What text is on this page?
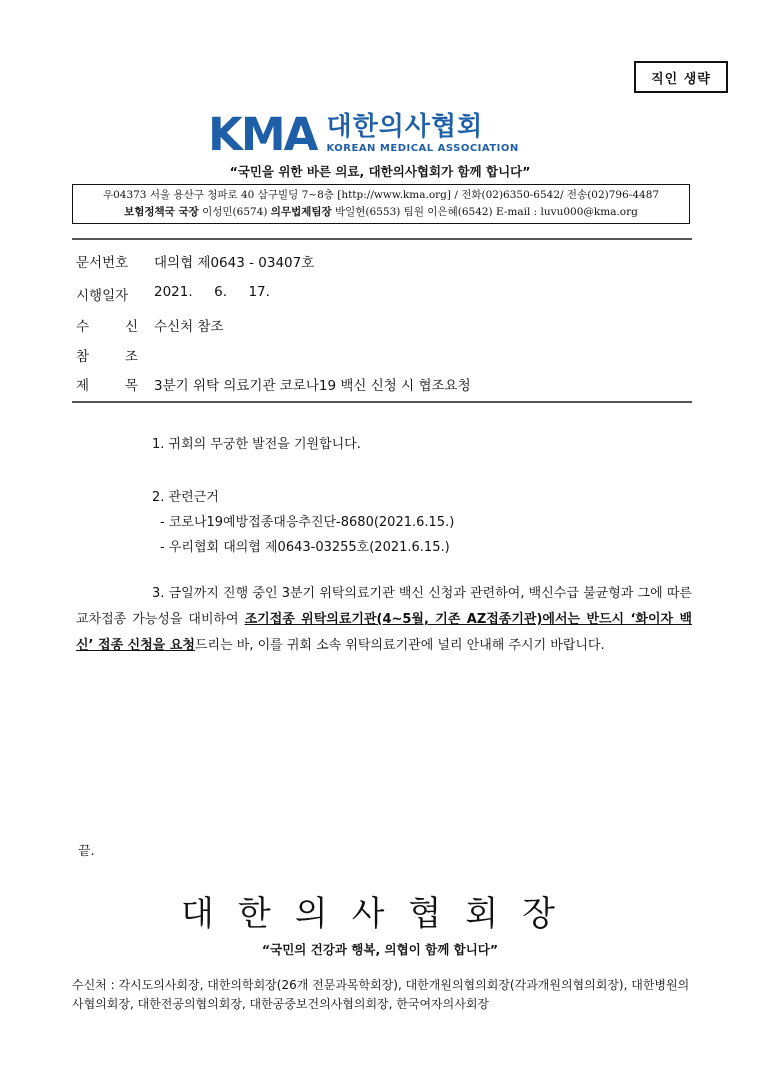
직인 생략
KMA 대한의사협회
KOREAN MEDICAL ASSOCIATION
“국민을 위한 바른 의료, 대한의사협회가 함께 합니다”
우04373 서울 용산구 청파로 40 삼구빌딩 7~8층 [http://www.kma.org] / 전화(02)6350-6542/ 전송(02)796-4487
보험정책국 국장 이성민(6574) 의무법제팀장 박일현(6553) 팀원 이은혜(6542) E-mail : luvu000@kma.org
문서번호	대의협 제0643 - 03407호
시행일자	2021.     6.     17.
수	신 수신처 참조
참	조
제	목 3분기 위탁 의료기관 코로나19 백신 신청 시 협조요청
1. 귀회의 무궁한 발전을 기원합니다.
2. 관련근거
- 코로나19예방접종대응추진단-8680(2021.6.15.)
- 우리협회 대의협 제0643-03255호(2021.6.15.)
3. 금일까지 진행 중인 3분기 위탁의료기관 백신 신청과 관련하여, 백신수급 불균형과 그에 따른 교차접종 가능성을 대비하여 조기접종 위탁의료기관(4~5월, 기존 AZ접종기관)에서는 반드시 ‘화이자 백신’ 접종 신청을 요청드리는 바, 이를 귀회 소속 위탁의료기관에 널리 안내해 주시기 바랍니다.
끝.
대한의사협회장
“국민의 건강과 행복, 의협이 함께 합니다”
수신처 : 각시도의사회장, 대한의학회장(26개 전문과목학회장), 대한개원의협의회장(각과개원의협의회장), 대한병원의사협의회장, 대한전공의협의회장, 대한공중보건의사협의회장, 한국여자의사회장
